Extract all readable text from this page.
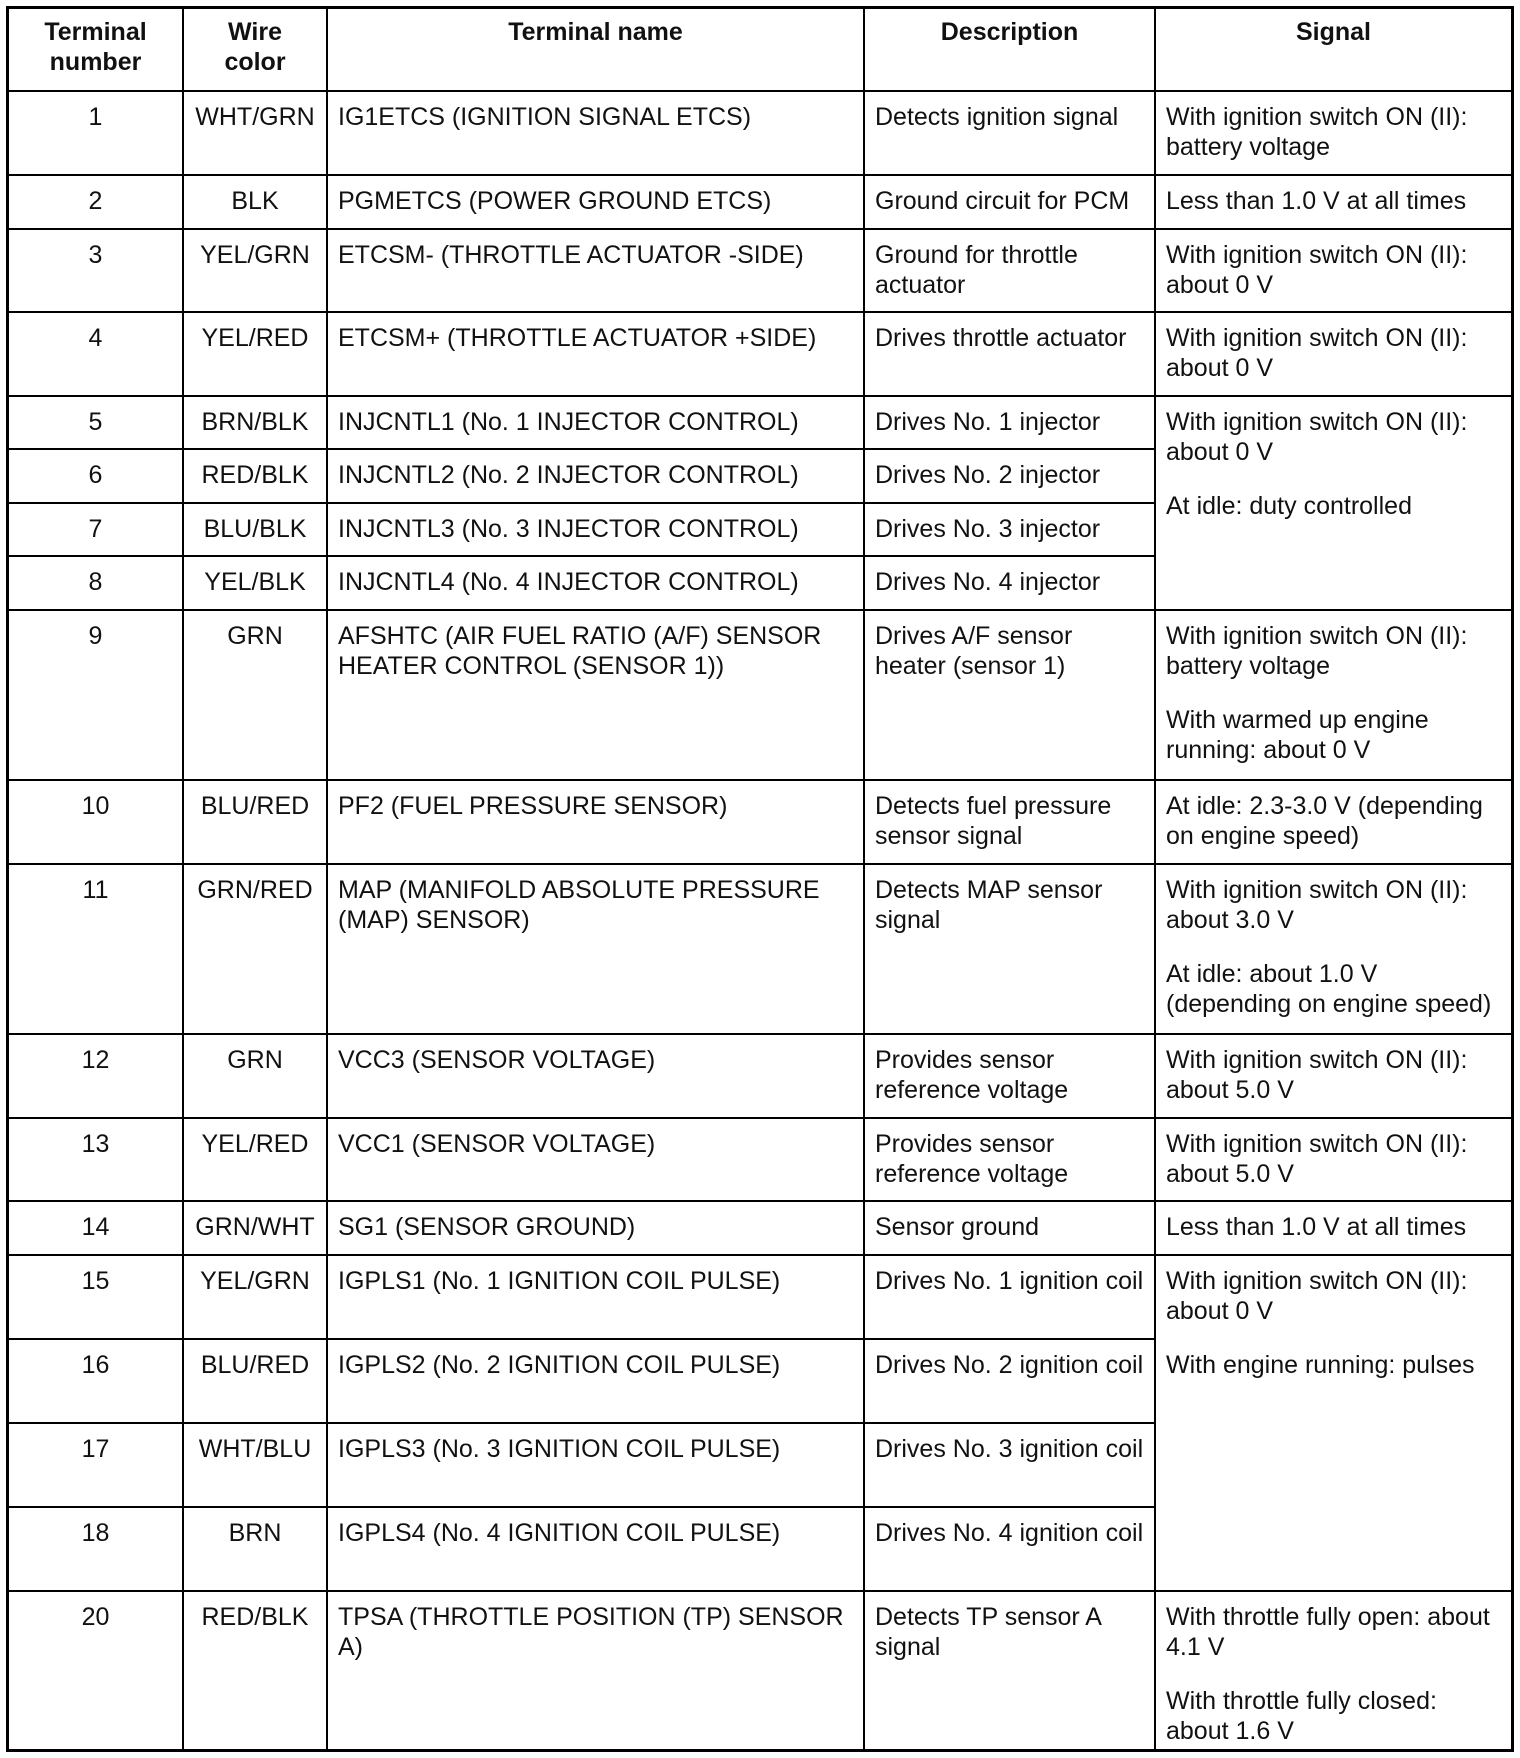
Terminal number	Wire color	Terminal name	Description	Signal
1	WHT/GRN	IG1ETCS (IGNITION SIGNAL ETCS)	Detects ignition signal	With ignition switch ON (II): battery voltage

2	BLK	PGMETCS (POWER GROUND ETCS)	Ground circuit for PCM	Less than 1.0 V at all times

3	YEL/GRN	ETCSM- (THROTTLE ACTUATOR -SIDE)	Ground for throttle actuator	With ignition switch ON (II): about 0 V

4	YEL/RED	ETCSM+ (THROTTLE ACTUATOR +SIDE)	Drives throttle actuator	With ignition switch ON (II): about 0 V

5	BRN/BLK	INJCNTL1 (No. 1 INJECTOR CONTROL)	Drives No. 1 injector	With ignition switch ON (II): about 0 V
At idle: duty controlled

6	RED/BLK	INJCNTL2 (No. 2 INJECTOR CONTROL)	Drives No. 2 injector	
7	BLU/BLK	INJCNTL3 (No. 3 INJECTOR CONTROL)	Drives No. 3 injector	
8	YEL/BLK	INJCNTL4 (No. 4 INJECTOR CONTROL)	Drives No. 4 injector	
9	GRN	AFSHTC (AIR FUEL RATIO (A/F) SENSOR HEATER CONTROL (SENSOR 1))	Drives A/F sensor heater (sensor 1)	With ignition switch ON (II): battery voltage
With warmed up engine running: about 0 V

10	BLU/RED	PF2 (FUEL PRESSURE SENSOR)	Detects fuel pressure sensor signal	At idle: 2.3-3.0 V (depending on engine speed)

11	GRN/RED	MAP (MANIFOLD ABSOLUTE PRESSURE (MAP) SENSOR)	Detects MAP sensor signal	With ignition switch ON (II): about 3.0 V
At idle: about 1.0 V (depending on engine speed)

12	GRN	VCC3 (SENSOR VOLTAGE)	Provides sensor reference voltage	With ignition switch ON (II): about 5.0 V

13	YEL/RED	VCC1 (SENSOR VOLTAGE)	Provides sensor reference voltage	With ignition switch ON (II): about 5.0 V

14	GRN/WHT	SG1 (SENSOR GROUND)	Sensor ground	Less than 1.0 V at all times

15	YEL/GRN	IGPLS1 (No. 1 IGNITION COIL PULSE)	Drives No. 1 ignition coil	With ignition switch ON (II): about 0 V
With engine running: pulses

16	BLU/RED	IGPLS2 (No. 2 IGNITION COIL PULSE)	Drives No. 2 ignition coil	
17	WHT/BLU	IGPLS3 (No. 3 IGNITION COIL PULSE)	Drives No. 3 ignition coil	
18	BRN	IGPLS4 (No. 4 IGNITION COIL PULSE)	Drives No. 4 ignition coil	
20	RED/BLK	TPSA (THROTTLE POSITION (TP) SENSOR A)	Detects TP sensor A signal	With throttle fully open: about 4.1 V
With throttle fully closed: about 1.6 V
